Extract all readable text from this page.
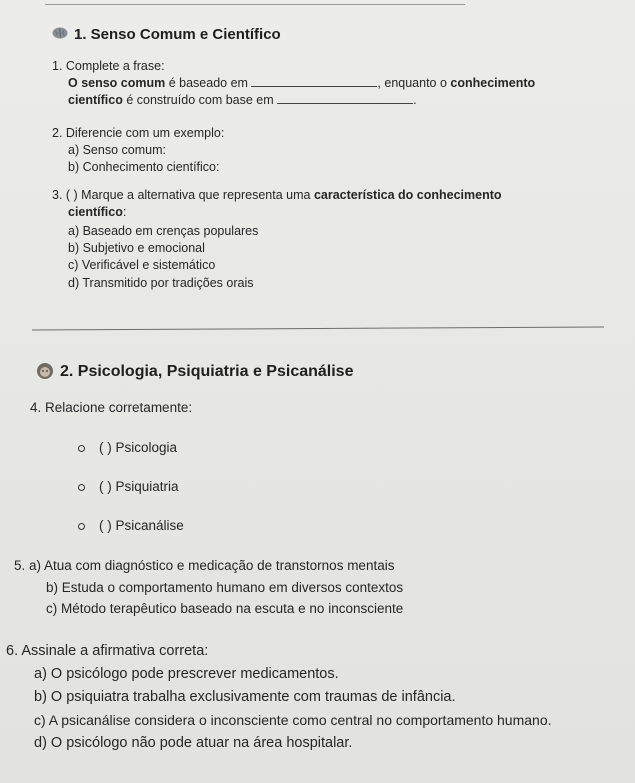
1. Senso Comum e Científico
1. Complete a frase:
O senso comum é baseado em	, enquanto o conhecimento
científico é construído com base em	.
2. Diferencie com um exemplo:
a) Senso comum:
b) Conhecimento científico:
3. ( ) Marque a alternativa que representa uma característica do conhecimento
científico:
a) Baseado em crenças populares
b) Subjetivo e emocional
c) Verificável e sistemático
d) Transmitido por tradições orais
2. Psicologia, Psiquiatria e Psicanálise
4. Relacione corretamente:
( ) Psicologia
( ) Psiquiatria
( ) Psicanálise
5. a) Atua com diagnóstico e medicação de transtornos mentais
b) Estuda o comportamento humano em diversos contextos
c) Método terapêutico baseado na escuta e no inconsciente
6. Assinale a afirmativa correta:
a) O psicólogo pode prescrever medicamentos.
b) O psiquiatra trabalha exclusivamente com traumas de infância.
c) A psicanálise considera o inconsciente como central no comportamento humano.
d) O psicólogo não pode atuar na área hospitalar.
